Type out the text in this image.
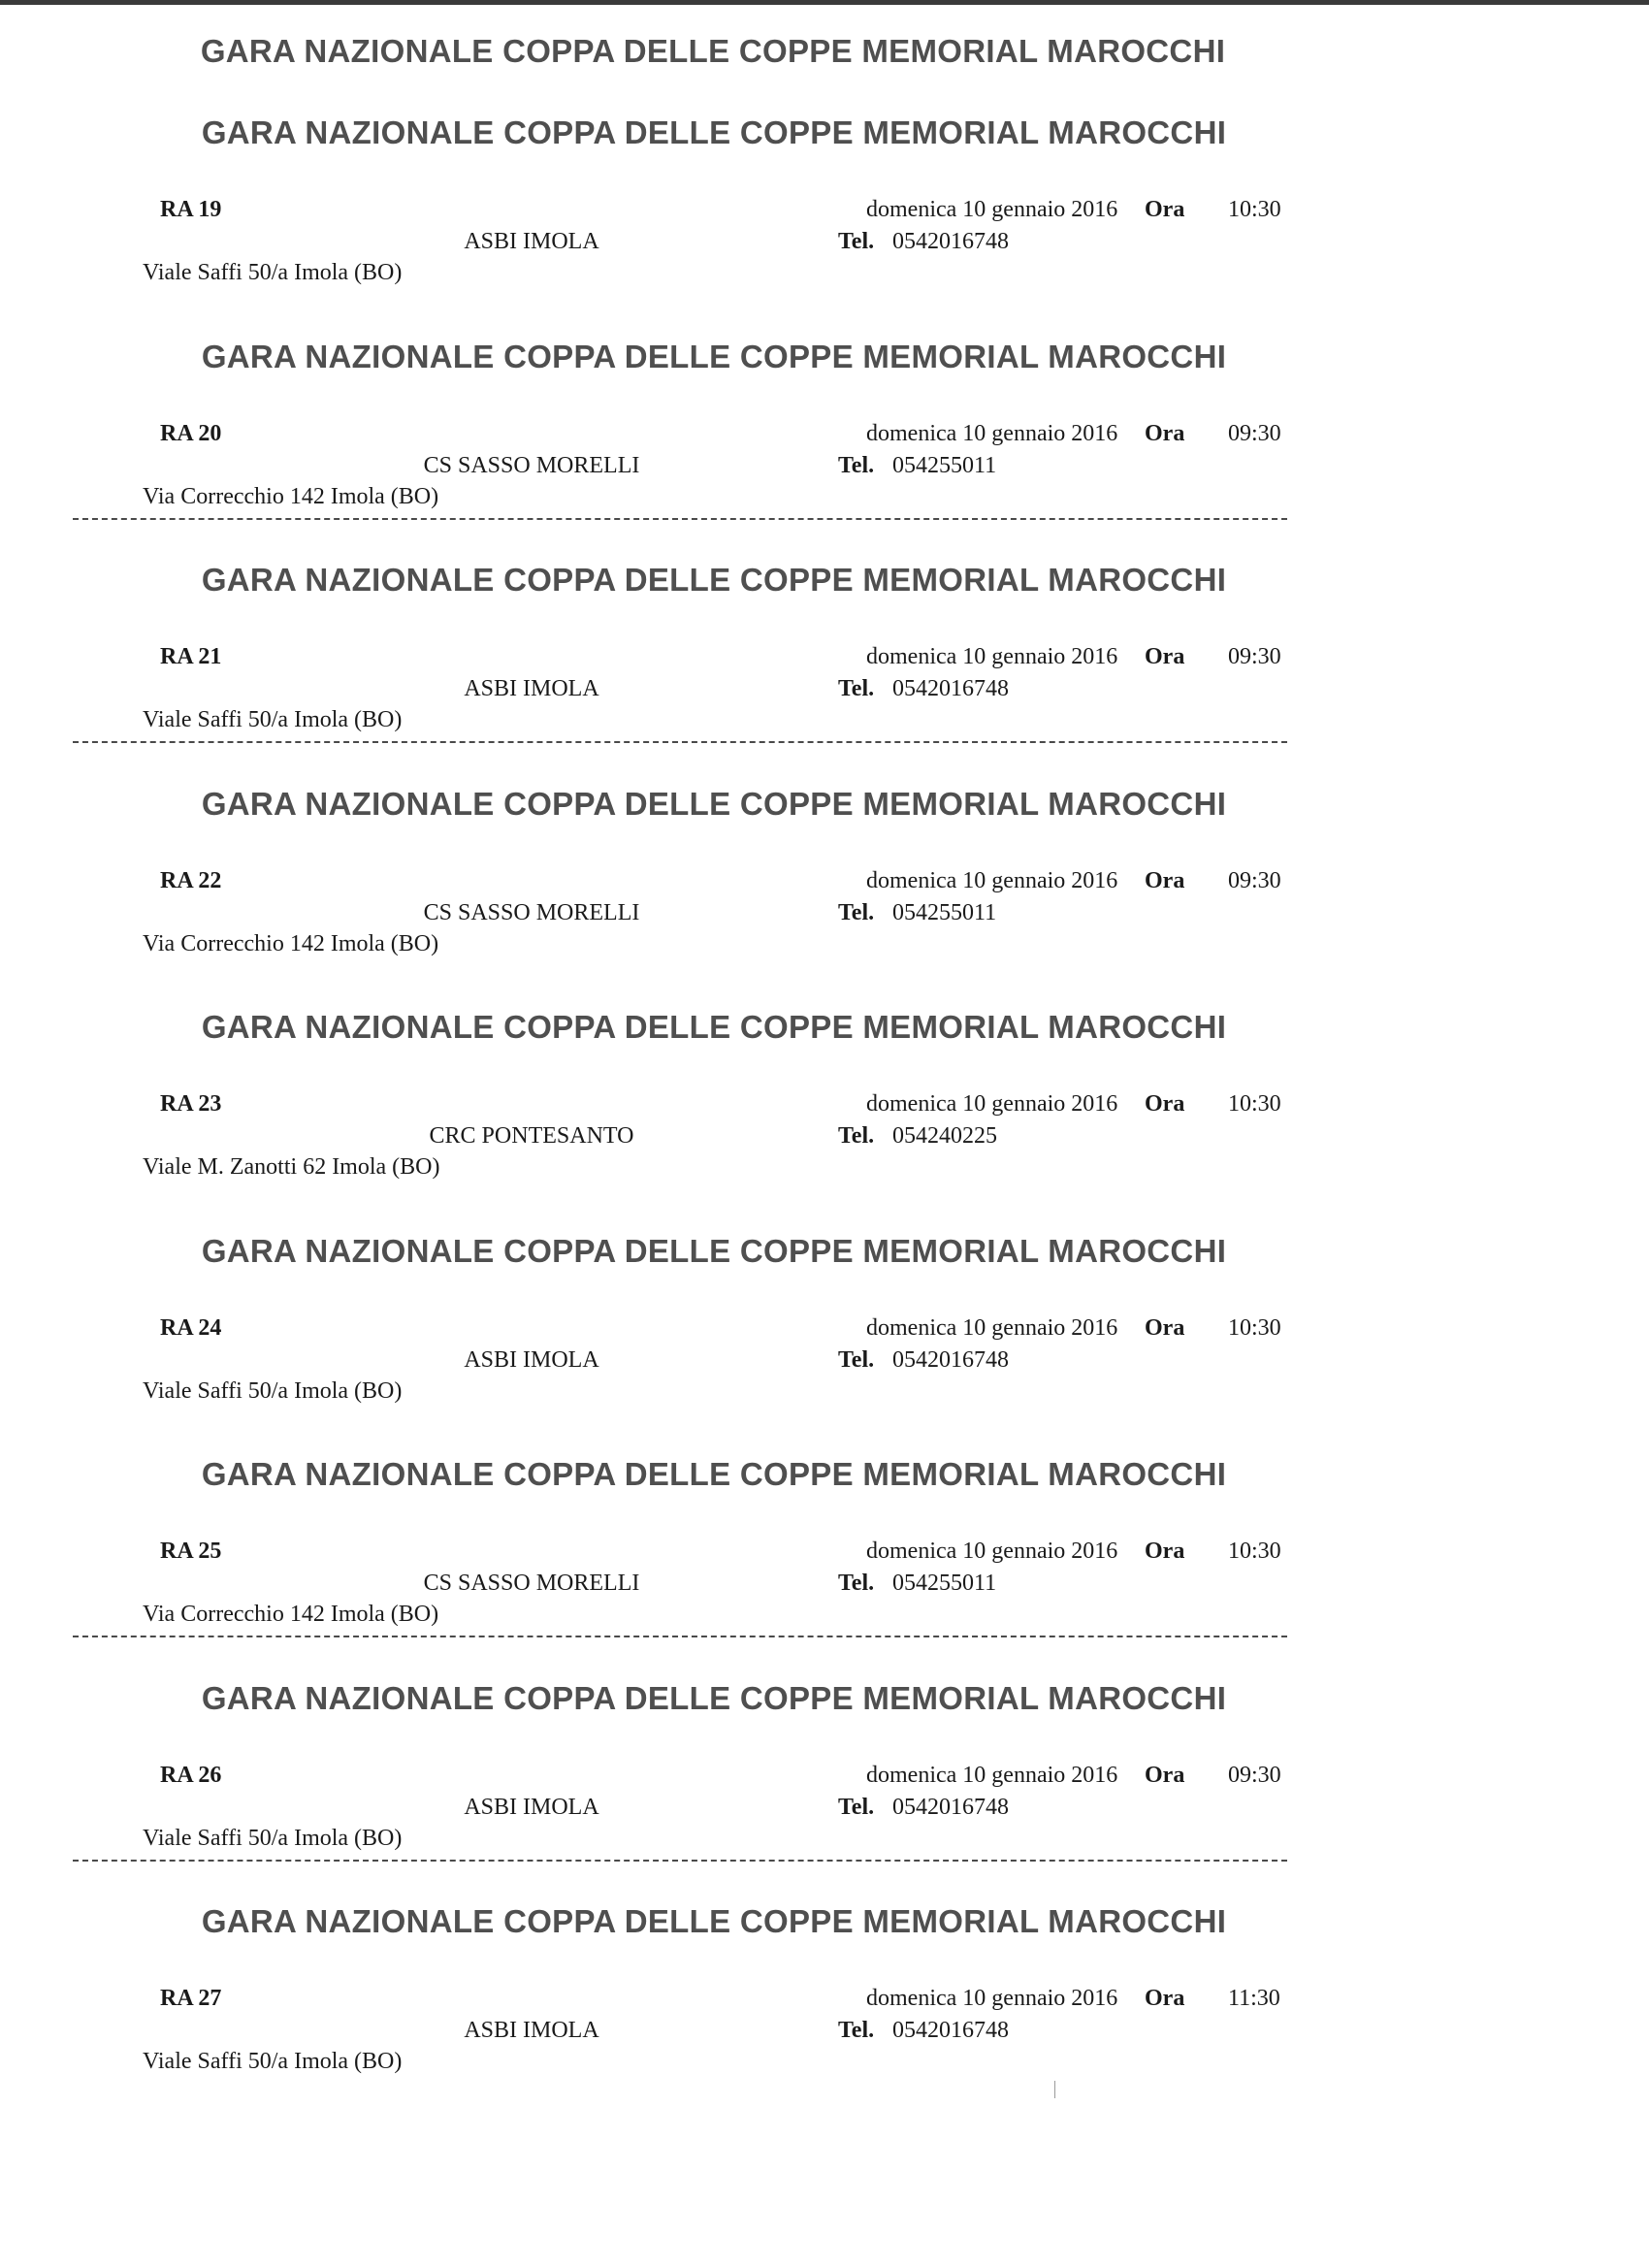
GARA NAZIONALE COPPA DELLE COPPE MEMORIAL MAROCCHI
GARA NAZIONALE COPPA DELLE COPPE MEMORIAL MAROCCHI
RA 19	domenica 10 gennaio 2016 Ora 10:30
ASBI IMOLA	Tel. 0542016748
Viale Saffi 50/a Imola (BO)
GARA NAZIONALE COPPA DELLE COPPE MEMORIAL MAROCCHI
RA 20	domenica 10 gennaio 2016 Ora 09:30
CS SASSO MORELLI	Tel. 054255011
Via Correcchio 142 Imola (BO)
GARA NAZIONALE COPPA DELLE COPPE MEMORIAL MAROCCHI
RA 21	domenica 10 gennaio 2016 Ora 09:30
ASBI IMOLA	Tel. 0542016748
Viale Saffi 50/a Imola (BO)
GARA NAZIONALE COPPA DELLE COPPE MEMORIAL MAROCCHI
RA 22	domenica 10 gennaio 2016 Ora 09:30
CS SASSO MORELLI	Tel. 054255011
Via Correcchio 142 Imola (BO)
GARA NAZIONALE COPPA DELLE COPPE MEMORIAL MAROCCHI
RA 23	domenica 10 gennaio 2016 Ora 10:30
CRC PONTESANTO	Tel. 054240225
Viale M. Zanotti 62 Imola (BO)
GARA NAZIONALE COPPA DELLE COPPE MEMORIAL MAROCCHI
RA 24	domenica 10 gennaio 2016 Ora 10:30
ASBI IMOLA	Tel. 0542016748
Viale Saffi 50/a Imola (BO)
GARA NAZIONALE COPPA DELLE COPPE MEMORIAL MAROCCHI
RA 25	domenica 10 gennaio 2016 Ora 10:30
CS SASSO MORELLI	Tel. 054255011
Via Correcchio 142 Imola (BO)
GARA NAZIONALE COPPA DELLE COPPE MEMORIAL MAROCCHI
RA 26	domenica 10 gennaio 2016 Ora 09:30
ASBI IMOLA	Tel. 0542016748
Viale Saffi 50/a Imola (BO)
GARA NAZIONALE COPPA DELLE COPPE MEMORIAL MAROCCHI
RA 27	domenica 10 gennaio 2016 Ora 11:30
ASBI IMOLA	Tel. 0542016748
Viale Saffi 50/a Imola (BO)
